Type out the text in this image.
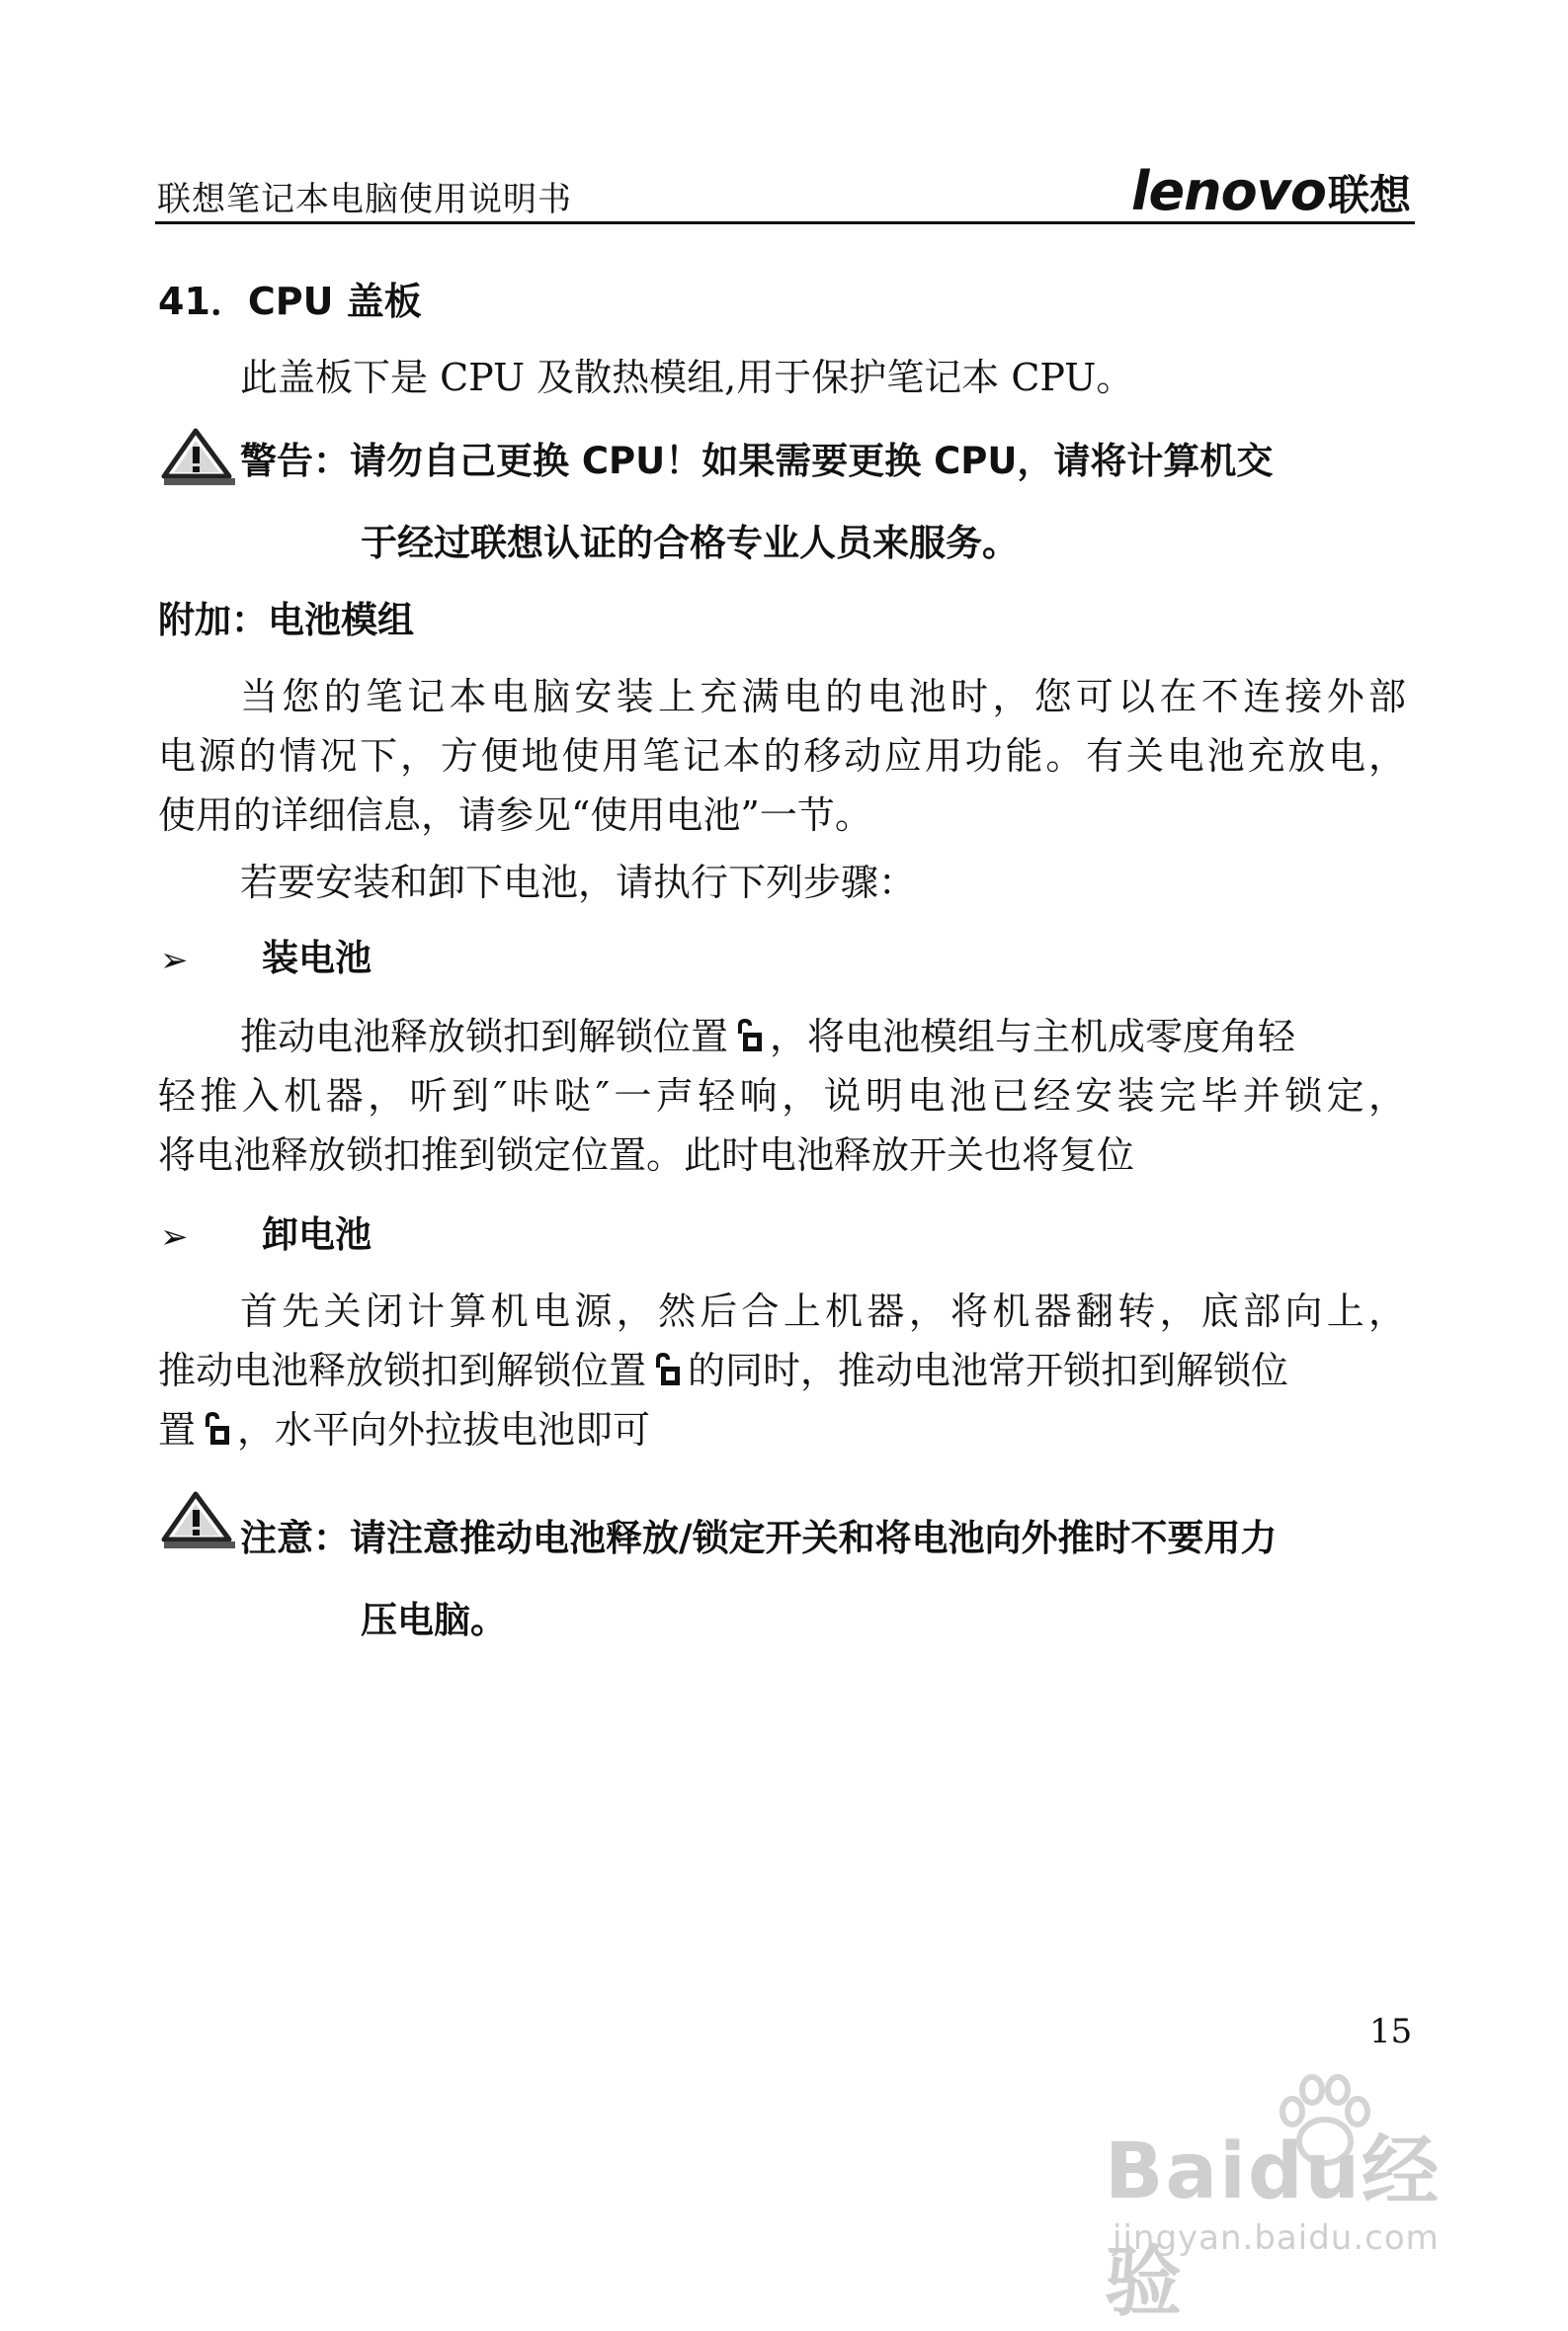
联想笔记本电脑使用说明书	lenovo联想
41．CPU 盖板
此盖板下是 CPU 及散热模组,用于保护笔记本 CPU。
警告：请勿自己更换 CPU！如果需要更换 CPU，请将计算机交
于经过联想认证的合格专业人员来服务。
附加：电池模组
当您的笔记本电脑安装上充满电的电池时，您可以在不连接外部
电源的情况下，方便地使用笔记本的移动应用功能。有关电池充放电，
使用的详细信息，请参见“使用电池”一节。
若要安装和卸下电池，请执行下列步骤：
➢ 装电池
推动电池释放锁扣到解锁位置 ，将电池模组与主机成零度角轻
轻推入机器，听到″咔哒″一声轻响，说明电池已经安装完毕并锁定，
将电池释放锁扣推到锁定位置。此时电池释放开关也将复位
➢ 卸电池
首先关闭计算机电源，然后合上机器，将机器翻转，底部向上，
推动电池释放锁扣到解锁位置 的同时，推动电池常开锁扣到解锁位
置 ，水平向外拉拔电池即可
注意：请注意推动电池释放/锁定开关和将电池向外推时不要用力
压电脑。
15
Baidu经验
jingyan.baidu.com
